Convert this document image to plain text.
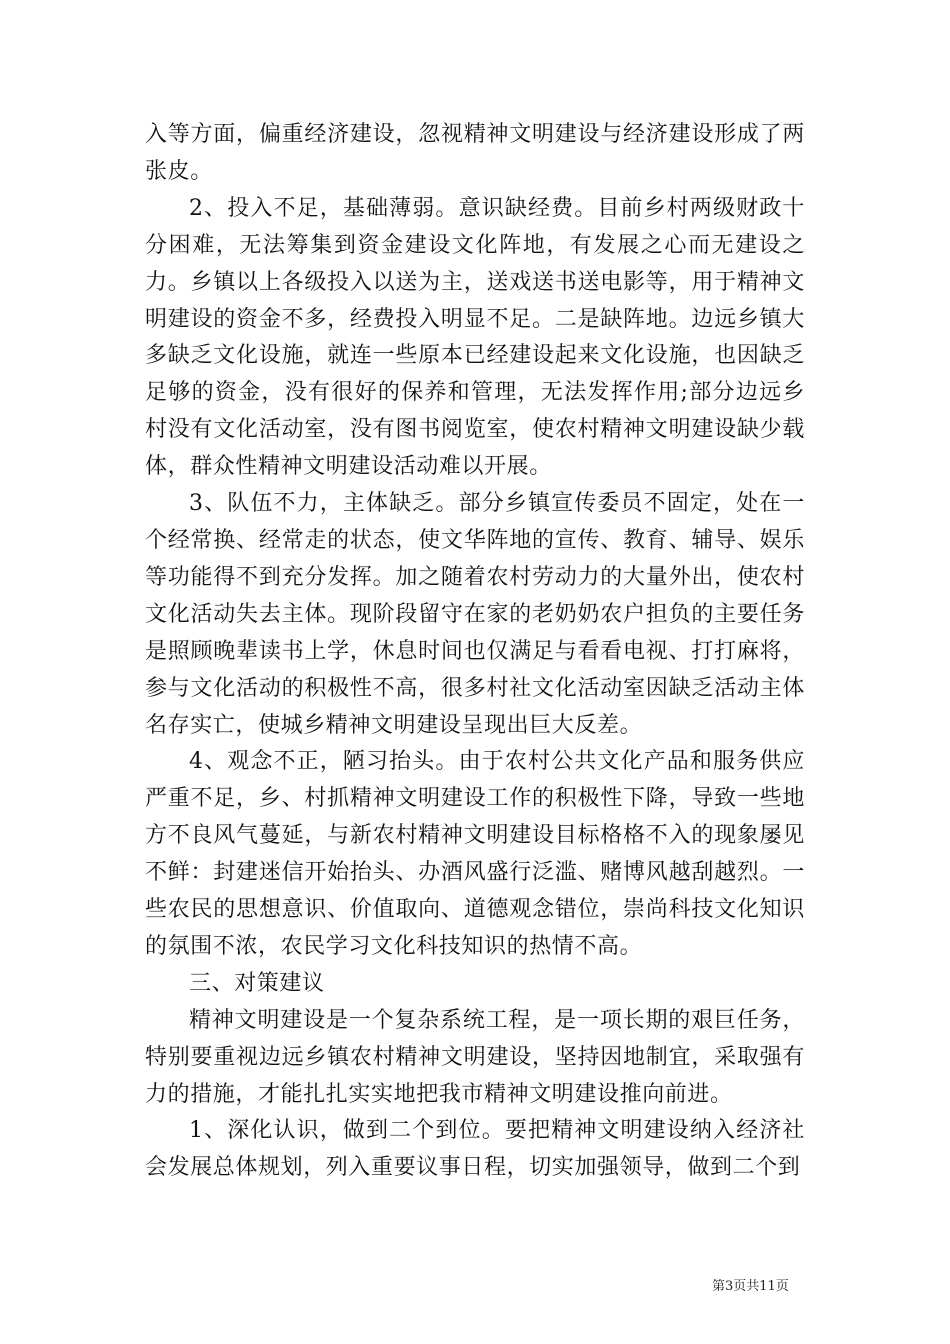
入等方面，偏重经济建设，忽视精神文明建设与经济建设形成了两张皮。

2、投入不足，基础薄弱。意识缺经费。目前乡村两级财政十分困难，无法筹集到资金建设文化阵地，有发展之心而无建设之力。乡镇以上各级投入以送为主，送戏送书送电影等，用于精神文明建设的资金不多，经费投入明显不足。二是缺阵地。边远乡镇大多缺乏文化设施，就连一些原本已经建设起来文化设施，也因缺乏足够的资金，没有很好的保养和管理，无法发挥作用;部分边远乡村没有文化活动室，没有图书阅览室，使农村精神文明建设缺少载体，群众性精神文明建设活动难以开展。

3、队伍不力，主体缺乏。部分乡镇宣传委员不固定，处在一个经常换、经常走的状态，使文华阵地的宣传、教育、辅导、娱乐等功能得不到充分发挥。加之随着农村劳动力的大量外出，使农村文化活动失去主体。现阶段留守在家的老奶奶农户担负的主要任务是照顾晚辈读书上学，休息时间也仅满足与看看电视、打打麻将，参与文化活动的积极性不高，很多村社文化活动室因缺乏活动主体名存实亡，使城乡精神文明建设呈现出巨大反差。

4、观念不正，陋习抬头。由于农村公共文化产品和服务供应严重不足，乡、村抓精神文明建设工作的积极性下降，导致一些地方不良风气蔓延，与新农村精神文明建设目标格格不入的现象屡见不鲜：封建迷信开始抬头、办酒风盛行泛滥、赌博风越刮越烈。一些农民的思想意识、价值取向、道德观念错位，崇尚科技文化知识的氛围不浓，农民学习文化科技知识的热情不高。

三、对策建议

精神文明建设是一个复杂系统工程，是一项长期的艰巨任务，特别要重视边远乡镇农村精神文明建设，坚持因地制宜，采取强有力的措施，才能扎扎实实地把我市精神文明建设推向前进。

1、深化认识，做到二个到位。要把精神文明建设纳入经济社会发展总体规划，列入重要议事日程，切实加强领导，做到二个到

第3页共11页
